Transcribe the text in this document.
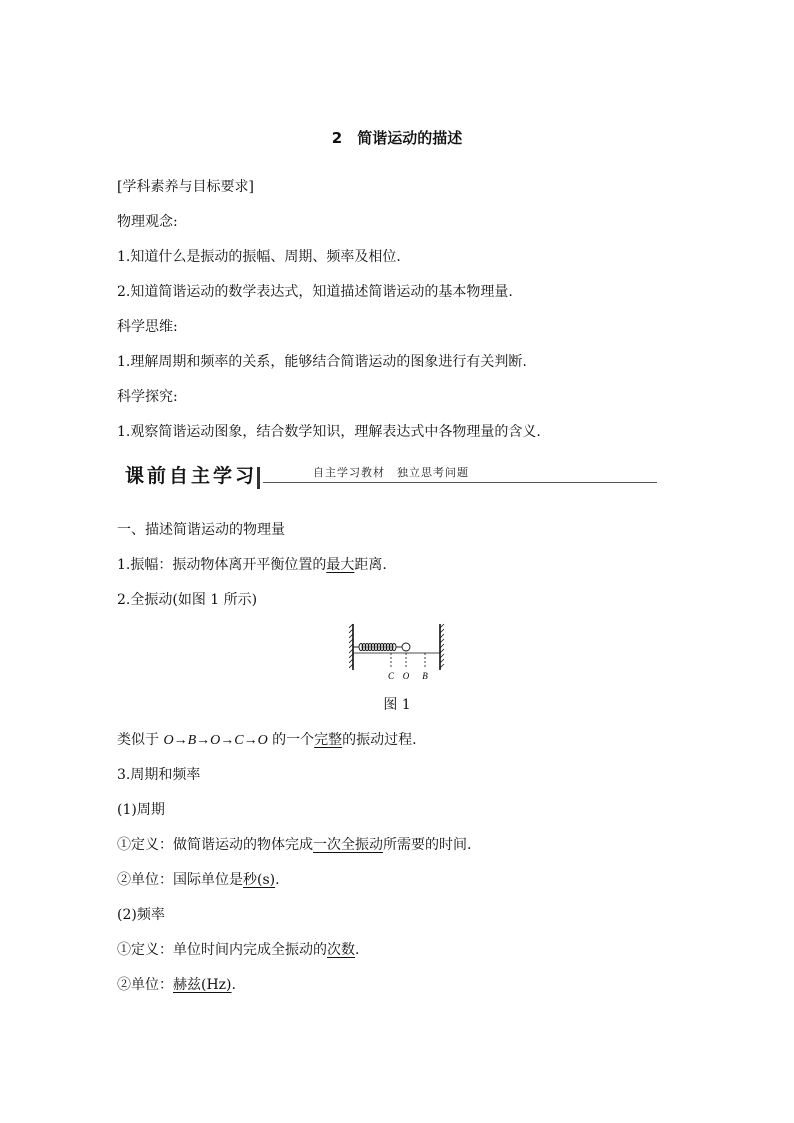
2　简谐运动的描述
[学科素养与目标要求]
物理观念:
1.知道什么是振动的振幅、周期、频率及相位.
2.知道简谐运动的数学表达式，知道描述简谐运动的基本物理量.
科学思维:
1.理解周期和频率的关系，能够结合简谐运动的图象进行有关判断.
科学探究:
1.观察简谐运动图象，结合数学知识，理解表达式中各物理量的含义.
课前自主学习	自主学习教材　独立思考问题
一、描述简谐运动的物理量
1.振幅：振动物体离开平衡位置的最大距离.
2.全振动(如图 1 所示)
C O B
图 1
类似于 O→B→O→C→O 的一个完整的振动过程.
3.周期和频率
(1)周期
①定义：做简谐运动的物体完成一次全振动所需要的时间.
②单位：国际单位是秒(s).
(2)频率
①定义：单位时间内完成全振动的次数.
②单位：赫兹(Hz).
